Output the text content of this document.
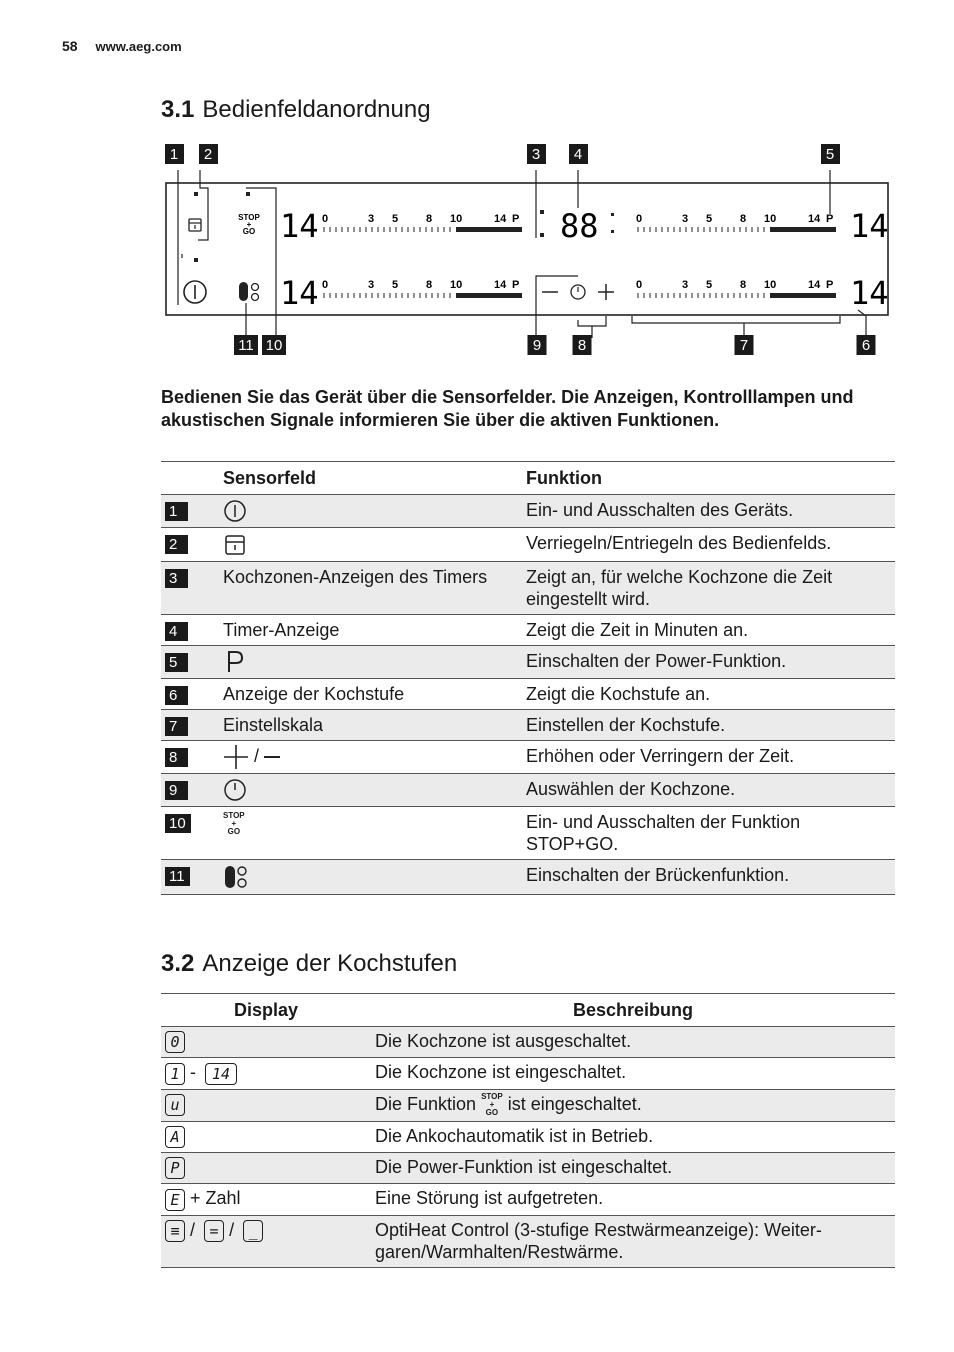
58 www.aeg.com
3.1 Bedienfeldanordnung
1 2	3 4	5
11 10	9 8	7	6
STOP
+
GO 14
14
14
14
0	3 5	8 10	14 P
0	3 5	8 10	14 P
0	3 5	8 10	14 P
0	3 5	8 10	14 P
88
Bedienen Sie das Gerät über die Sensorfelder. Die Anzeigen, Kontrolllampen und akustischen Signale informieren Sie über die aktiven Funktionen.
	Sensorfeld	Funktion
1		Ein- und Ausschalten des Geräts.
2		Verriegeln/Entriegeln des Bedienfelds.
3	Kochzonen-Anzeigen des Timers	Zeigt an, für welche Kochzone die Zeit eingestellt wird.
4	Timer-Anzeige	Zeigt die Zeit in Minuten an.
5		Einschalten der Power-Funktion.
6	Anzeige der Kochstufe	Zeigt die Kochstufe an.
7	Einstellskala	Einstellen der Kochstufe.
8	/	Erhöhen oder Verringern der Zeit.
9		Auswählen der Kochzone.
10	STOP
+
GO	Ein- und Ausschalten der Funktion STOP+GO.
11		Einschalten der Brückenfunktion.
3.2 Anzeige der Kochstufen
Display	Beschreibung
0	Die Kochzone ist ausgeschaltet.
1 - 14	Die Kochzone ist eingeschaltet.
u	Die Funktion STOP
+
GO ist eingeschaltet.
A	Die Ankochautomatik ist in Betrieb.
P	Die Power-Funktion ist eingeschaltet.
E + Zahl	Eine Störung ist aufgetreten.
≡ / = / _	OptiHeat Control (3-stufige Restwärmeanzeige): Weiter-garen/Warmhalten/Restwärme.
